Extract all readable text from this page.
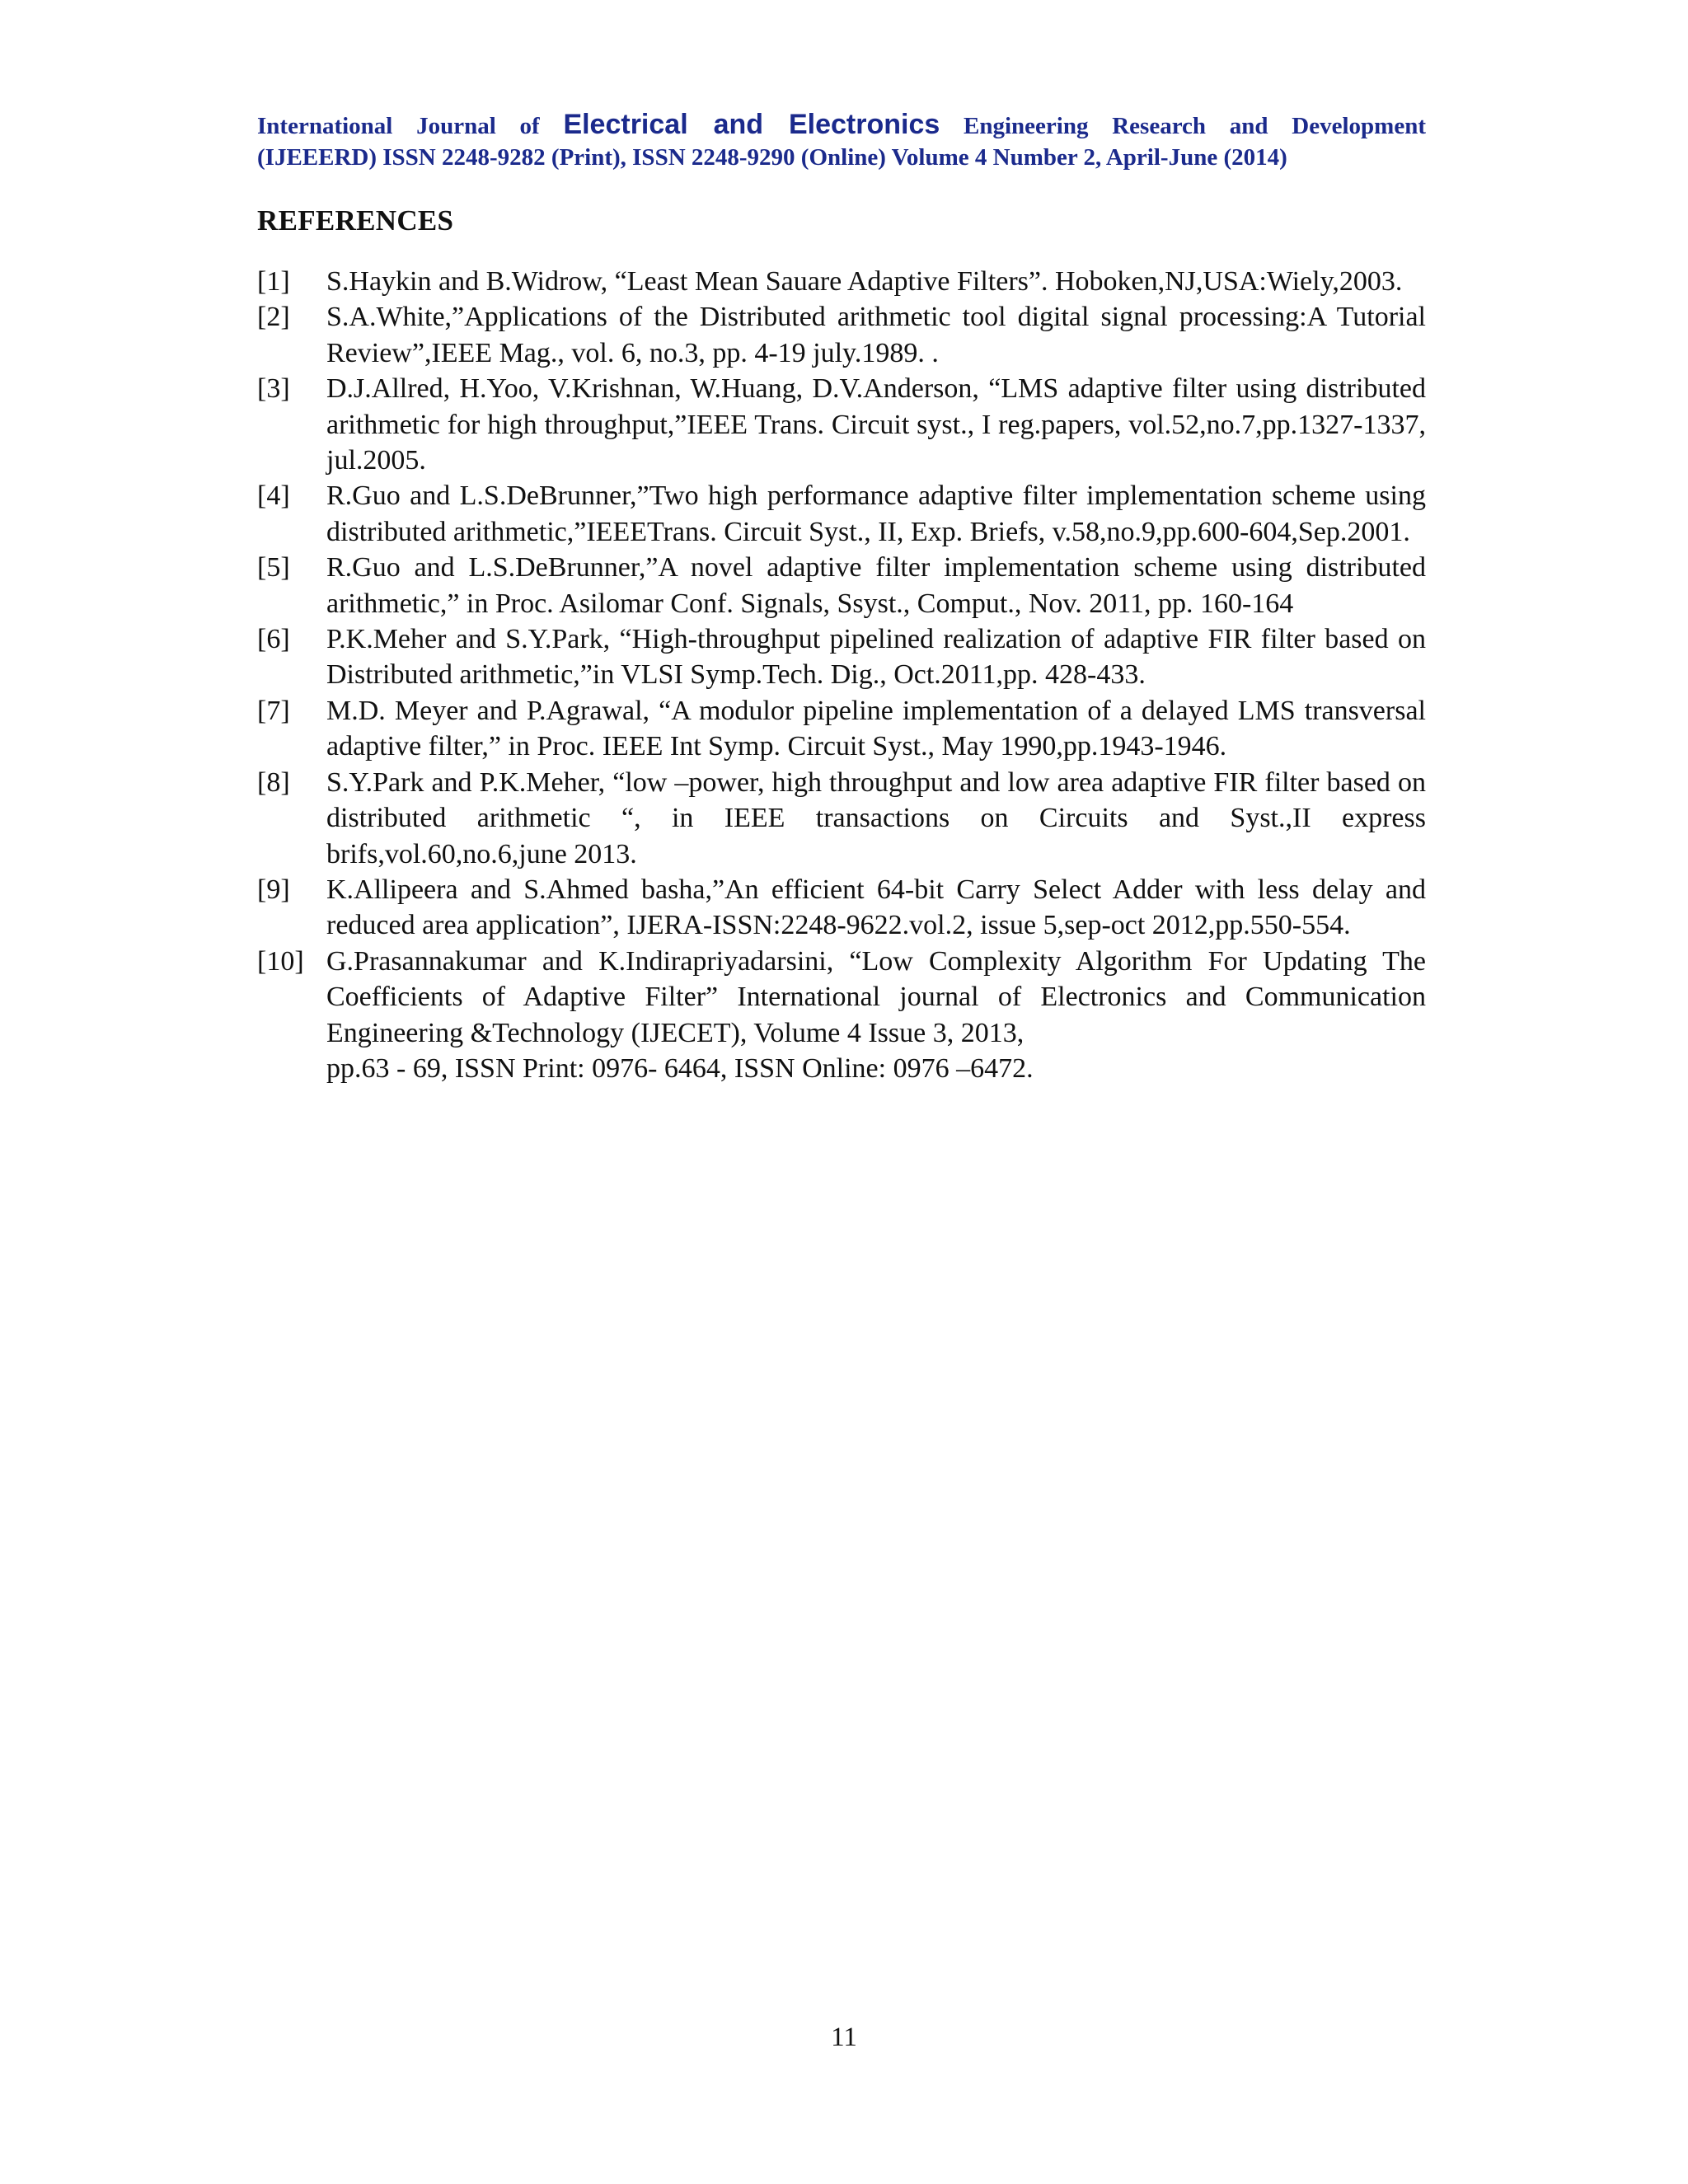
International Journal of Electrical and Electronics Engineering Research and Development
(IJEEERD) ISSN 2248-9282 (Print), ISSN 2248-9290 (Online) Volume 4 Number 2, April-June (2014)
REFERENCES
[1]	S.Haykin and B.Widrow, “Least Mean Sauare Adaptive Filters”. Hoboken,NJ,USA:Wiely,2003.
[2]	S.A.White,”Applications of the Distributed arithmetic tool digital signal processing:A Tutorial Review”,IEEE Mag., vol. 6, no.3, pp. 4-19 july.1989. .
[3]	D.J.Allred, H.Yoo, V.Krishnan, W.Huang, D.V.Anderson, “LMS adaptive filter using distributed arithmetic for high throughput,”IEEE Trans. Circuit syst., I reg.papers, vol.52,no.7,pp.1327-1337, jul.2005.
[4]	R.Guo and L.S.DeBrunner,”Two high performance adaptive filter implementation scheme using distributed arithmetic,”IEEETrans. Circuit Syst., II, Exp. Briefs, v.58,no.9,pp.600-604,Sep.2001.
[5]	R.Guo and L.S.DeBrunner,”A novel adaptive filter implementation scheme using distributed arithmetic,” in Proc. Asilomar Conf. Signals, Ssyst., Comput., Nov. 2011, pp. 160-164
[6]	P.K.Meher and S.Y.Park, “High-throughput pipelined realization of adaptive FIR filter based on Distributed arithmetic,”in VLSI Symp.Tech. Dig., Oct.2011,pp. 428-433.
[7]	M.D. Meyer and P.Agrawal, “A modulor pipeline implementation of a delayed LMS transversal adaptive filter,” in Proc. IEEE Int Symp. Circuit Syst., May 1990,pp.1943-1946.
[8]	S.Y.Park and P.K.Meher, “low –power, high throughput and low area adaptive FIR filter based on distributed arithmetic “, in IEEE transactions on Circuits and Syst.,II express brifs,vol.60,no.6,june 2013.
[9]	K.Allipeera and S.Ahmed basha,”An efficient 64-bit Carry Select Adder with less delay and reduced area application”, IJERA-ISSN:2248-9622.vol.2, issue 5,sep-oct 2012,pp.550-554.
[10] G.Prasannakumar and K.Indirapriyadarsini, “Low Complexity Algorithm For Updating The Coefficients of Adaptive Filter” International journal of Electronics and Communication Engineering &Technology (IJECET), Volume 4 Issue 3, 2013,
pp.63 - 69, ISSN Print: 0976- 6464, ISSN Online: 0976 –6472.
11
